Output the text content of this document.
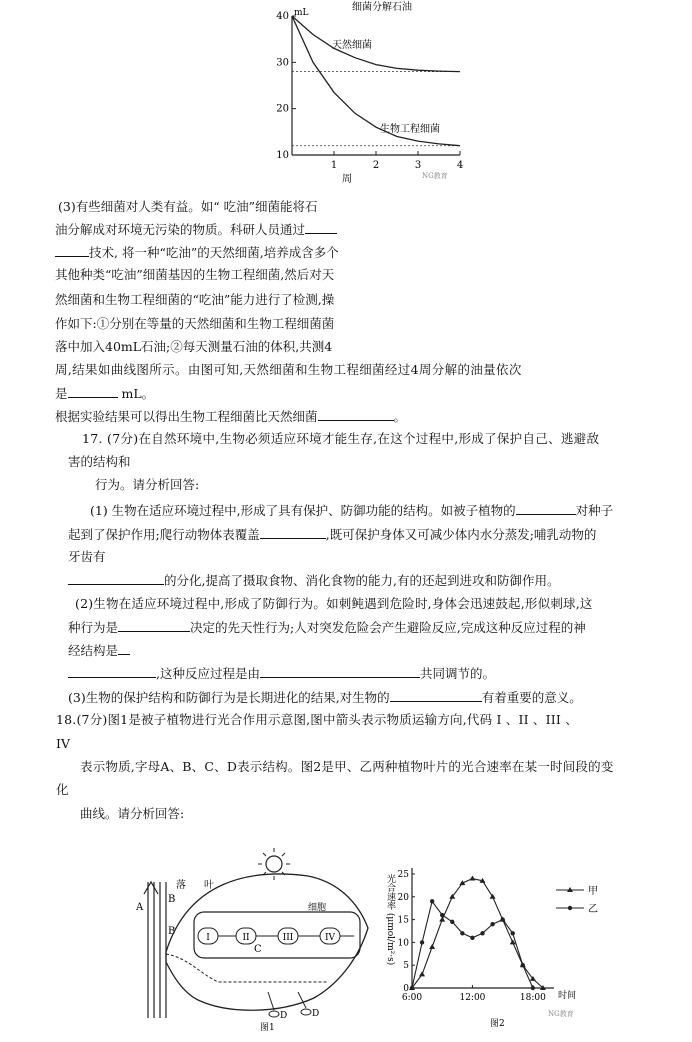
细菌分解石油
mL
10
20
30
40
1	2	3	4
天然细菌
生物工程细菌
周	NG教育
(3)有些细菌对人类有益。如“ 吃油”细菌能将石
油分解成对环境无污染的物质。科研人员通过
技术, 将一种“吃油”的天然细菌,培养成含多个
其他种类“吃油”细菌基因的生物工程细菌,然后对天
然细菌和生物工程细菌的“吃油”能力进行了检测,操
作如下:①分别在等量的天然细菌和生物工程细菌菌
落中加入40mL石油;②每天测量石油的体积,共测4
周,结果如曲线图所示。由图可知,天然细菌和生物工程细菌经过4周分解的油量依次
是	mL。
根据实验结果可以得出生物工程细菌比天然细菌	。
17. (7分)在自然环境中,生物必须适应环境才能生存,在这个过程中,形成了保护自己、逃避敌
害的结构和
行为。请分析回答:
(1) 生物在适应环境过程中,形成了具有保护、防御功能的结构。如被子植物的	对种子
起到了保护作用;爬行动物体表覆盖	,既可保护身体又可减少体内水分蒸发;哺乳动物的
牙齿有
的分化,提高了摄取食物、消化食物的能力,有的还起到进攻和防御作用。
(2)生物在适应环境过程中,形成了防御行为。如刺鲀遇到危险时,身体会迅速鼓起,形似刺球,这
种行为是	决定的先天性行为;人对突发危险会产生避险反应,完成这种反应过程的神
经结构是
,这种反应过程是由	共同调节的。
(3)生物的保护结构和防御行为是长期进化的结果,对生物的	有着重要的意义。
18.(7分)图1是被子植物进行光合作用示意图,图中箭头表示物质运输方向,代码 I 、II 、III 、
IV
表示物质,字母A、B、C、D表示结构。图2是甲、乙两种植物叶片的光合速率在某一时间段的变
化
曲线。请分析回答:
A
B
B
落 叶
细胞
I	II	III	IV
C
D	D
图1
光合速率 (μmol/m²·s)
0
5
10
15
20
25
6:00	12:00	18:00
甲
乙
时间
图2
NG教育
